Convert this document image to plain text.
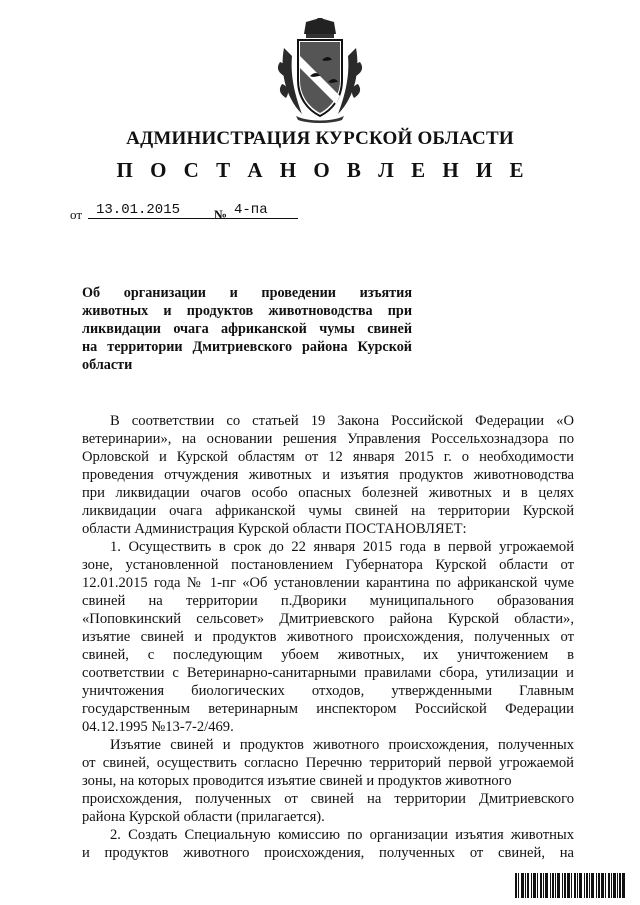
АДМИНИСТРАЦИЯ КУРСКОЙ ОБЛАСТИ
П О С Т А Н О В Л Е Н И Е
от 13.01.2015	№ 4-па
Об организации и проведении изъятия
животных и продуктов животноводства при
ликвидации очага африканской чумы свиней
на территории Дмитриевского района Курской
области
В соответствии со статьей 19 Закона Российской Федерации «О
ветеринарии», на основании решения Управления Россельхознадзора по
Орловской и Курской областям от 12 января 2015 г. о необходимости
проведения отчуждения животных и изъятия продуктов животноводства
при ликвидации очагов особо опасных болезней животных и в целях
ликвидации очага африканской чумы свиней на территории Курской
области Администрация Курской области ПОСТАНОВЛЯЕТ:
1. Осуществить в срок до 22 января 2015 года в первой угрожаемой
зоне, установленной постановлением Губернатора Курской области от
12.01.2015 года № 1-пг «Об установлении карантина по африканской чуме
свиней на территории п.Дворики муниципального образования
«Поповкинский сельсовет» Дмитриевского района Курской области»,
изъятие свиней и продуктов животного происхождения, полученных от
свиней, с последующим убоем животных, их уничтожением в
соответствии с Ветеринарно-санитарными правилами сбора, утилизации и
уничтожения биологических отходов, утвержденными Главным
государственным ветеринарным инспектором Российской Федерации
04.12.1995 №13-7-2/469.
Изъятие свиней и продуктов животного происхождения, полученных
от свиней, осуществить согласно Перечню территорий первой угрожаемой
зоны, на которых проводится изъятие свиней и продуктов животного
происхождения, полученных от свиней на территории Дмитриевского
района Курской области (прилагается).
2. Создать Специальную комиссию по организации изъятия животных
и продуктов животного происхождения, полученных от свиней, на
